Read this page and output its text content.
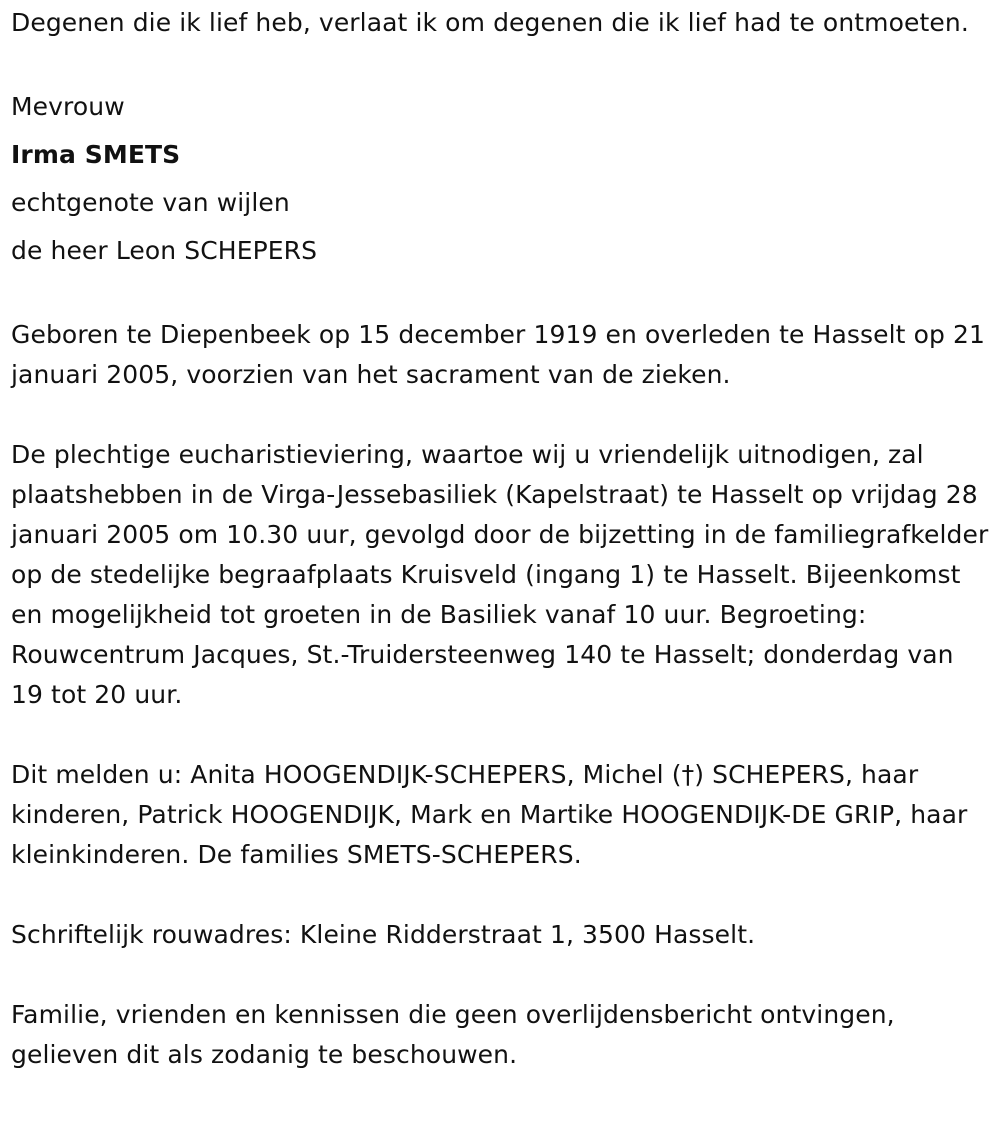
Degenen die ik lief heb, verlaat ik om degenen die ik lief had te ontmoeten.

Mevrouw

Irma SMETS

echtgenote van wijlen

de heer Leon SCHEPERS

Geboren te Diepenbeek op 15 december 1919 en overleden te Hasselt op 21 januari 2005, voorzien van het sacrament van de zieken.

De plechtige eucharistieviering, waartoe wij u vriendelijk uitnodigen, zal plaatshebben in de Virga-Jessebasiliek (Kapelstraat) te Hasselt op vrijdag 28 januari 2005 om 10.30 uur, gevolgd door de bijzetting in de familiegrafkelder op de stedelijke begraafplaats Kruisveld (ingang 1) te Hasselt. Bijeenkomst en mogelijkheid tot groeten in de Basiliek vanaf 10 uur. Begroeting: Rouwcentrum Jacques, St.-Truidersteenweg 140 te Hasselt; donderdag van 19 tot 20 uur.

Dit melden u: Anita HOOGENDIJK-SCHEPERS, Michel (†) SCHEPERS, haar kinderen, Patrick HOOGENDIJK, Mark en Martike HOOGENDIJK-DE GRIP, haar kleinkinderen. De families SMETS-SCHEPERS.

Schriftelijk rouwadres: Kleine Ridderstraat 1, 3500 Hasselt.

Familie, vrienden en kennissen die geen overlijdensbericht ontvingen, gelieven dit als zodanig te beschouwen.
